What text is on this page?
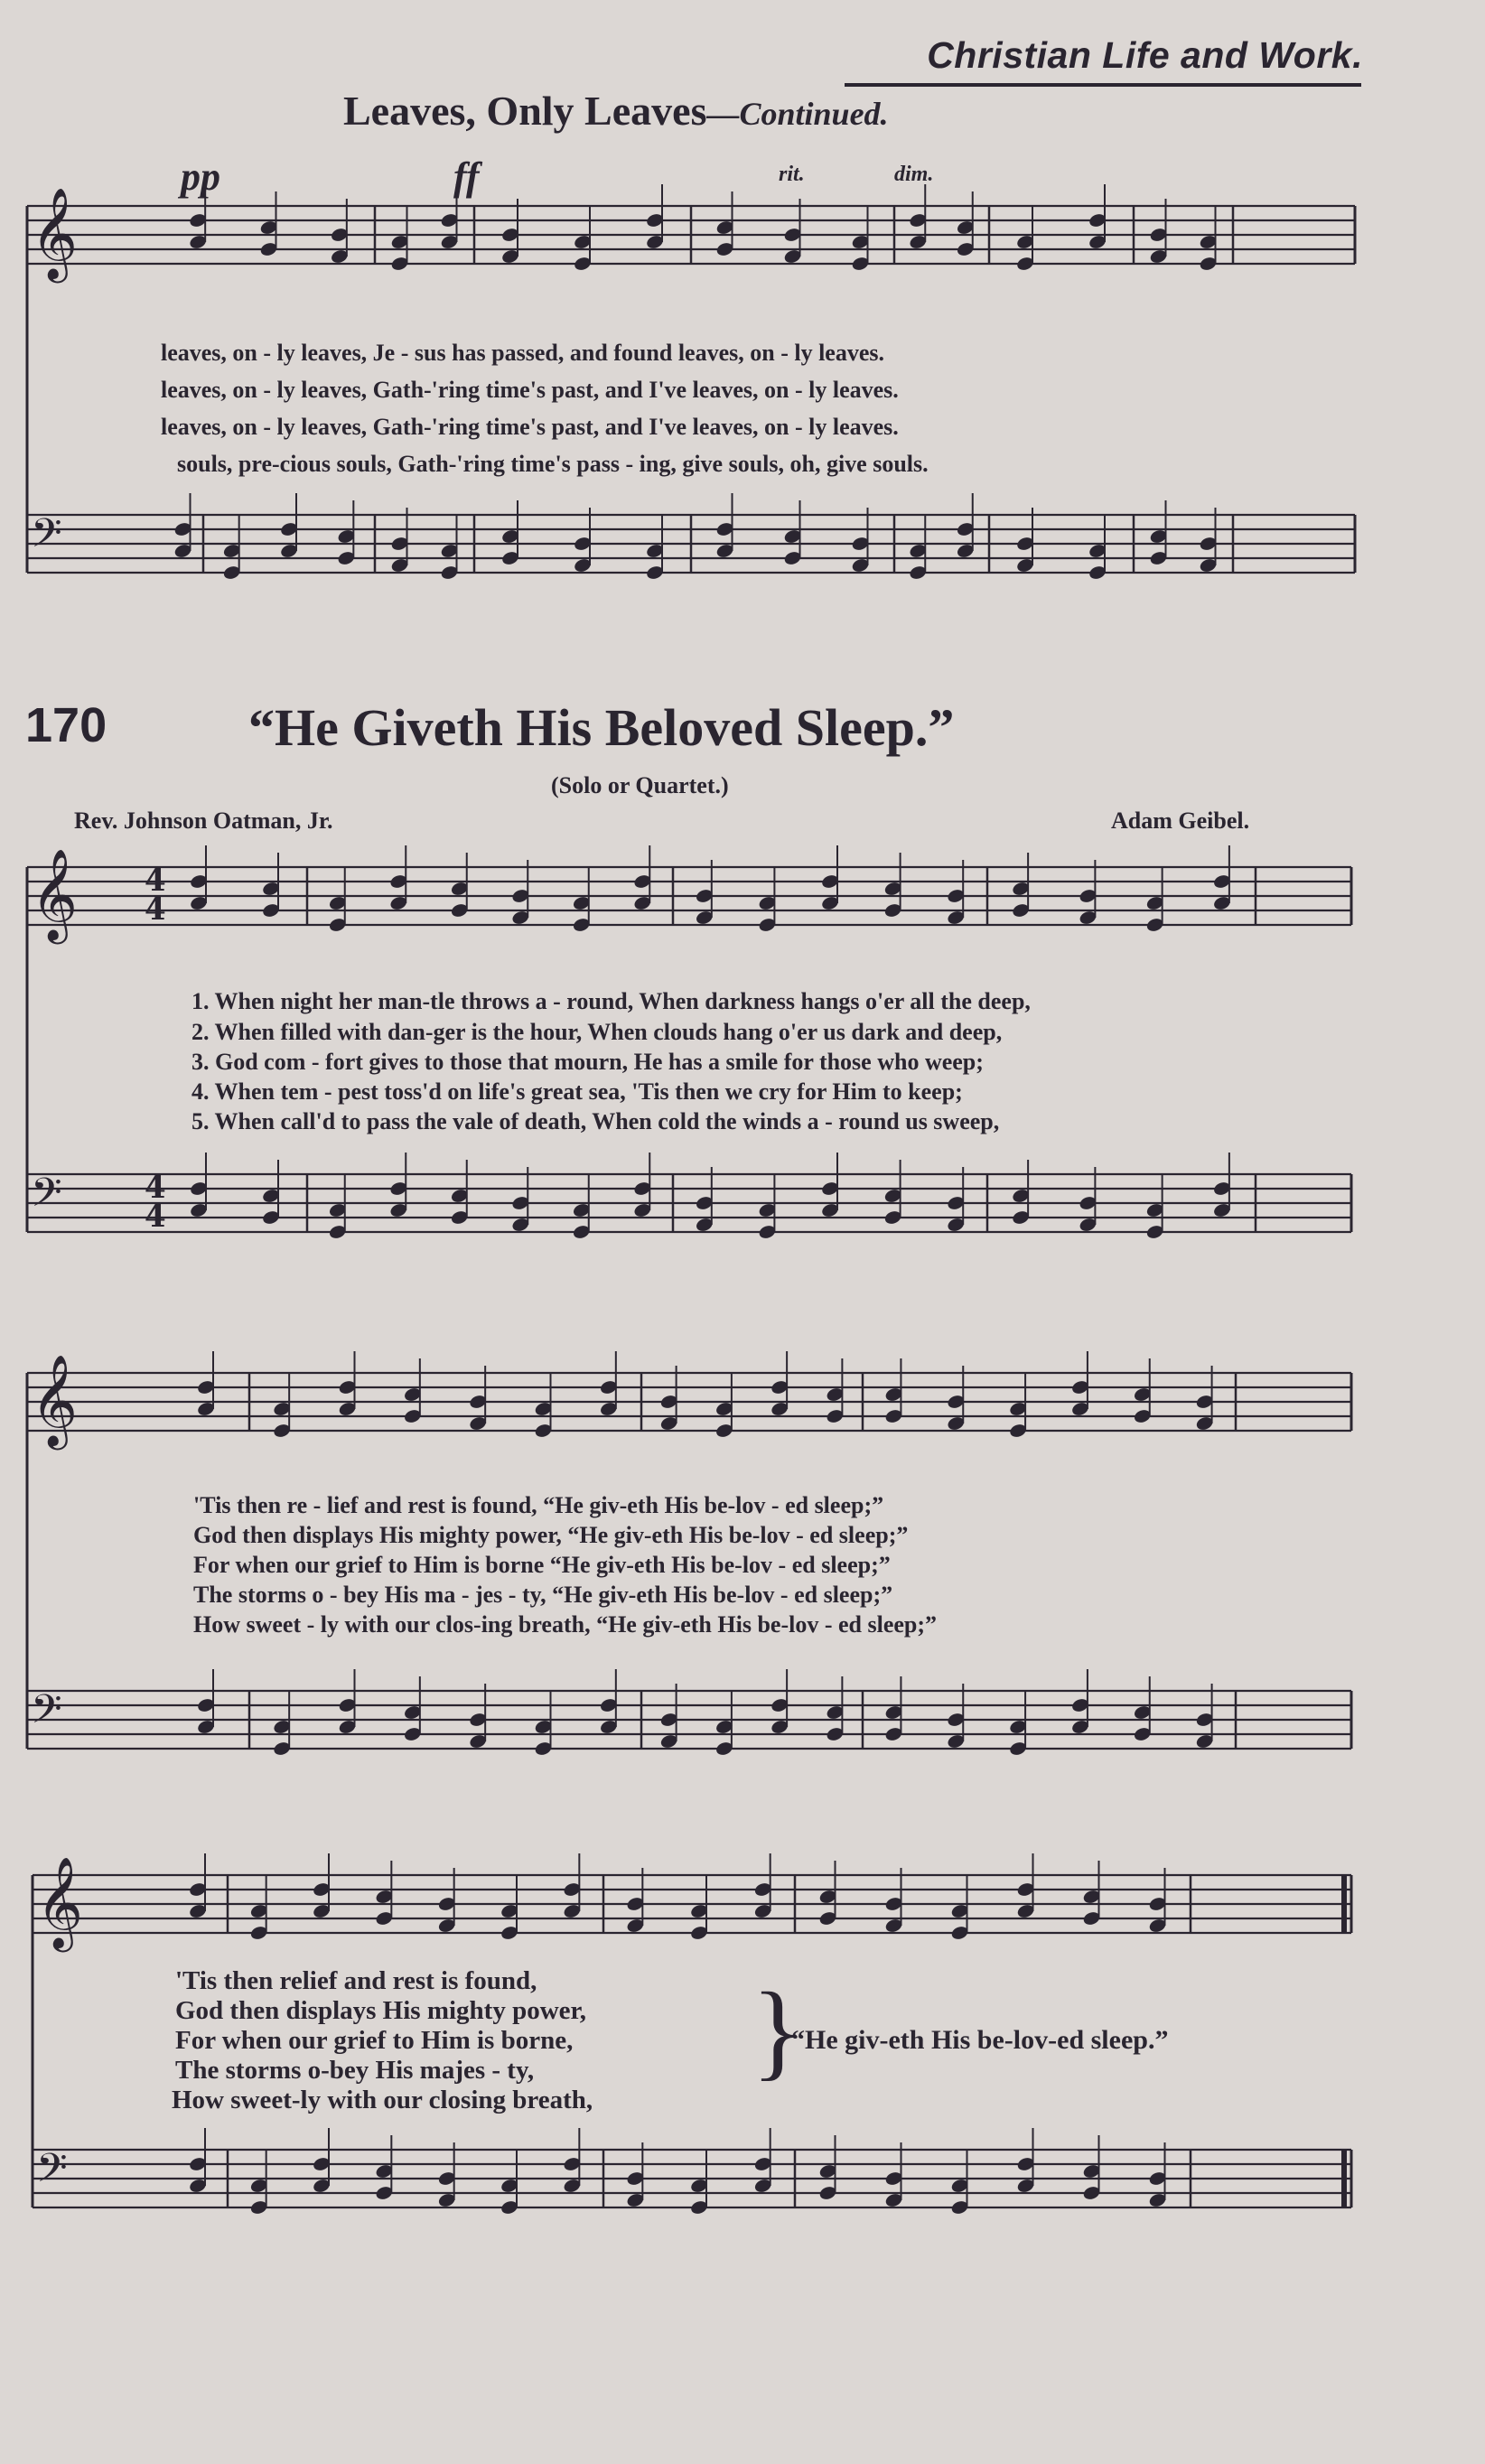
Christian Life and Work.
Leaves, Only Leaves—Continued.
pp	ff	rit.	dim.
leaves, on - ly leaves, Je - sus has passed, and found leaves, on - ly leaves.
leaves, on - ly leaves, Gath-'ring time's past, and I've leaves, on - ly leaves.
leaves, on - ly leaves, Gath-'ring time's past, and I've leaves, on - ly leaves.
souls, pre-cious souls, Gath-'ring time's pass - ing, give souls, oh, give souls.
170	“He Giveth His Beloved Sleep.”
(Solo or Quartet.)
Rev. Johnson Oatman, Jr.	Adam Geibel.
1. When night her man-tle throws a - round, When darkness hangs o'er all the deep,
2. When filled with dan-ger is the hour, When clouds hang o'er us dark and deep,
3. God com - fort gives to those that mourn, He has a smile for those who weep;
4. When tem - pest toss'd on life's great sea, 'Tis then we cry for Him to keep;
5. When call'd to pass the vale of death, When cold the winds a - round us sweep,
'Tis then re - lief and rest is found, “He giv-eth His be-lov - ed sleep;”
God then displays His mighty power, “He giv-eth His be-lov - ed sleep;”
For when our grief to Him is borne “He giv-eth His be-lov - ed sleep;”
The storms o - bey His ma - jes - ty, “He giv-eth His be-lov - ed sleep;”
How sweet - ly with our clos-ing breath, “He giv-eth His be-lov - ed sleep;”
'Tis then relief and rest is found,
God then displays His mighty power,
For when our grief to Him is borne,
The storms o-bey His majes - ty,
How sweet-ly with our closing breath,
}
“He giv-eth His be-lov-ed sleep.”
𝄞
𝄢
𝄞
𝄢
𝄞
𝄢
𝄞
𝄢
4
4
4
4
